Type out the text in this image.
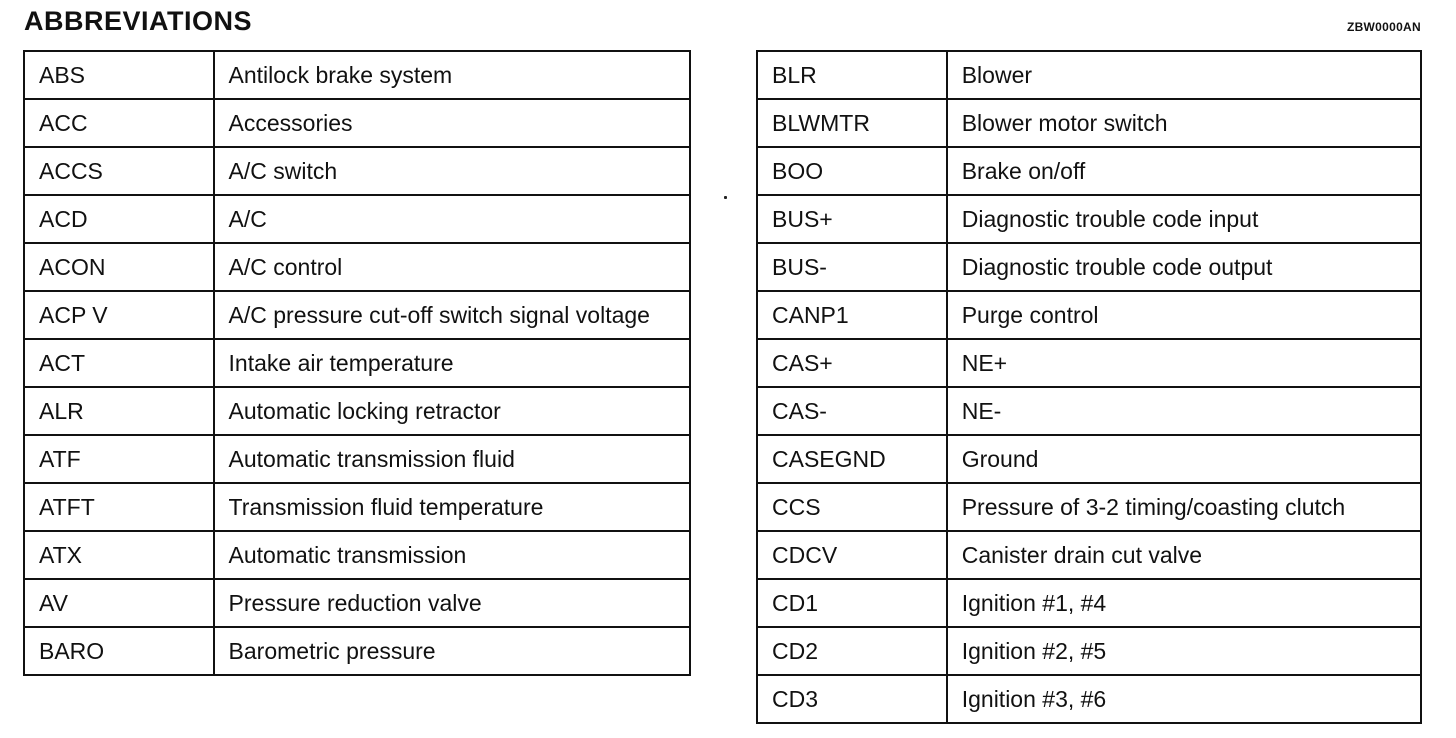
ABBREVIATIONS	ZBW0000AN
ABS	Antilock brake system
ACC	Accessories
ACCS	A/C switch
ACD	A/C
ACON	A/C control
ACP V	A/C pressure cut-off switch signal voltage
ACT	Intake air temperature
ALR	Automatic locking retractor
ATF	Automatic transmission fluid
ATFT	Transmission fluid temperature
ATX	Automatic transmission
AV	Pressure reduction valve
BARO	Barometric pressure
BLR	Blower
BLWMTR	Blower motor switch
BOO	Brake on/off
BUS+	Diagnostic trouble code input
BUS-	Diagnostic trouble code output
CANP1	Purge control
CAS+	NE+
CAS-	NE-
CASEGND	Ground
CCS	Pressure of 3-2 timing/coasting clutch
CDCV	Canister drain cut valve
CD1	Ignition #1, #4
CD2	Ignition #2, #5
CD3	Ignition #3, #6
